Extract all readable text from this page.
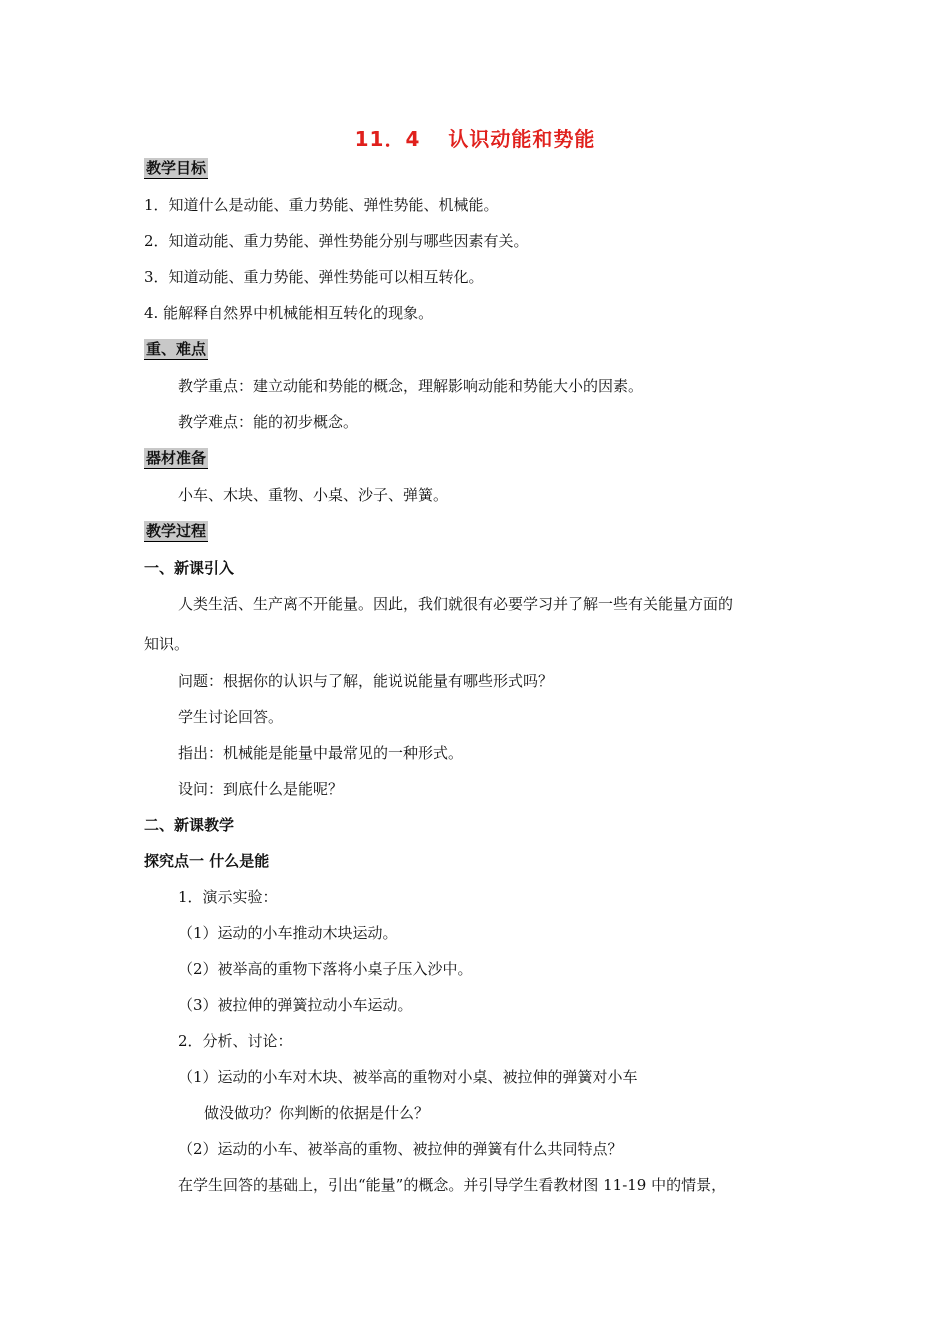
11．4 认识动能和势能
教学目标
1．知道什么是动能、重力势能、弹性势能、机械能。
2．知道动能、重力势能、弹性势能分别与哪些因素有关。
3．知道动能、重力势能、弹性势能可以相互转化。
4. 能解释自然界中机械能相互转化的现象。
重、难点
教学重点：建立动能和势能的概念，理解影响动能和势能大小的因素。
教学难点：能的初步概念。
器材准备
小车、木块、重物、小桌、沙子、弹簧。
教学过程
一、新课引入
人类生活、生产离不开能量。因此，我们就很有必要学习并了解一些有关能量方面的
知识。
问题：根据你的认识与了解，能说说能量有哪些形式吗？
学生讨论回答。
指出：机械能是能量中最常见的一种形式。
设问：到底什么是能呢？
二、新课教学
探究点一 什么是能
1．演示实验：
（1）运动的小车推动木块运动。
（2）被举高的重物下落将小桌子压入沙中。
（3）被拉伸的弹簧拉动小车运动。
2．分析、讨论：
（1）运动的小车对木块、被举高的重物对小桌、被拉伸的弹簧对小车
做没做功？你判断的依据是什么？
（2）运动的小车、被举高的重物、被拉伸的弹簧有什么共同特点？
在学生回答的基础上，引出“能量”的概念。并引导学生看教材图 11-19 中的情景，
